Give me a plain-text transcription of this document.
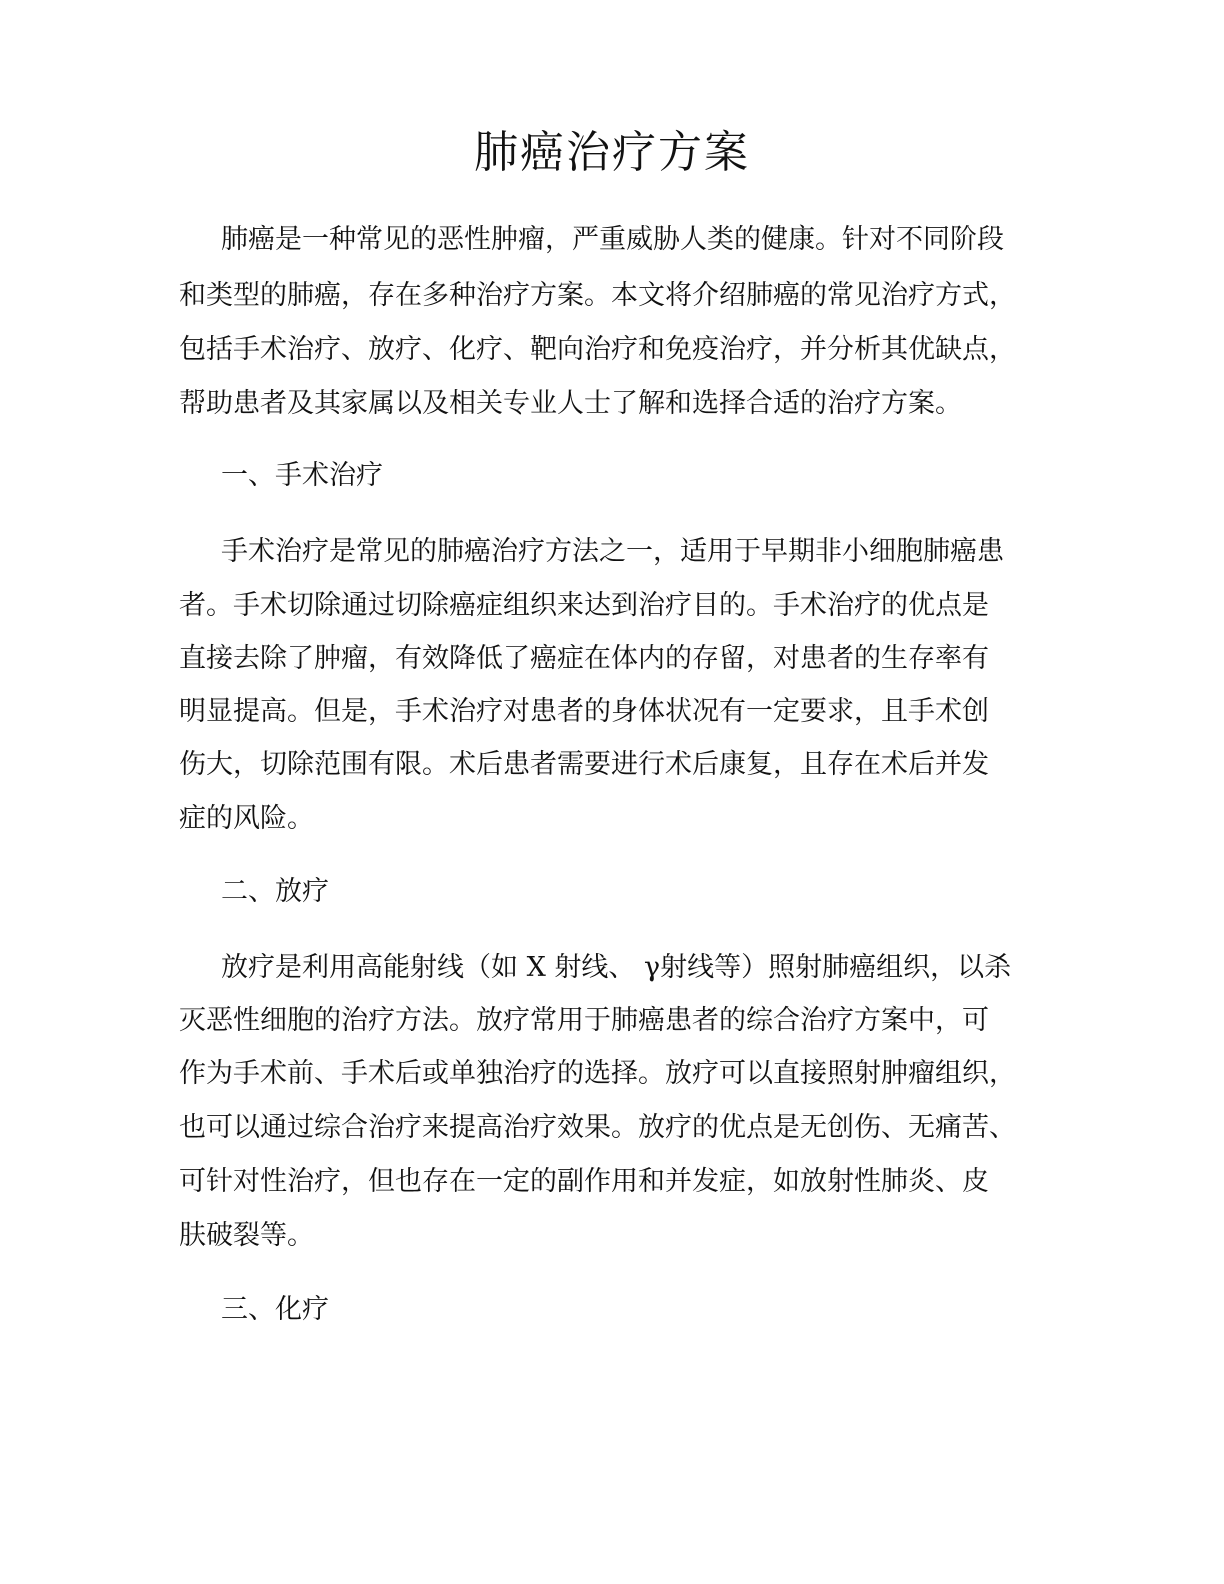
肺癌治疗方案

肺癌是一种常见的恶性肿瘤，严重威胁人类的健康。针对不同阶段

和类型的肺癌，存在多种治疗方案。本文将介绍肺癌的常见治疗方式，

包括手术治疗、放疗、化疗、靶向治疗和免疫治疗，并分析其优缺点，

帮助患者及其家属以及相关专业人士了解和选择合适的治疗方案。

一、手术治疗

手术治疗是常见的肺癌治疗方法之一，适用于早期非小细胞肺癌患

者。手术切除通过切除癌症组织来达到治疗目的。手术治疗的优点是

直接去除了肿瘤，有效降低了癌症在体内的存留，对患者的生存率有

明显提高。但是，手术治疗对患者的身体状况有一定要求，且手术创

伤大，切除范围有限。术后患者需要进行术后康复，且存在术后并发

症的风险。

二、放疗

放疗是利用高能射线（如 X 射线、 γ射线等）照射肺癌组织，以杀

灭恶性细胞的治疗方法。放疗常用于肺癌患者的综合治疗方案中，可

作为手术前、手术后或单独治疗的选择。放疗可以直接照射肿瘤组织，

也可以通过综合治疗来提高治疗效果。放疗的优点是无创伤、无痛苦、

可针对性治疗，但也存在一定的副作用和并发症，如放射性肺炎、皮

肤破裂等。

三、化疗
